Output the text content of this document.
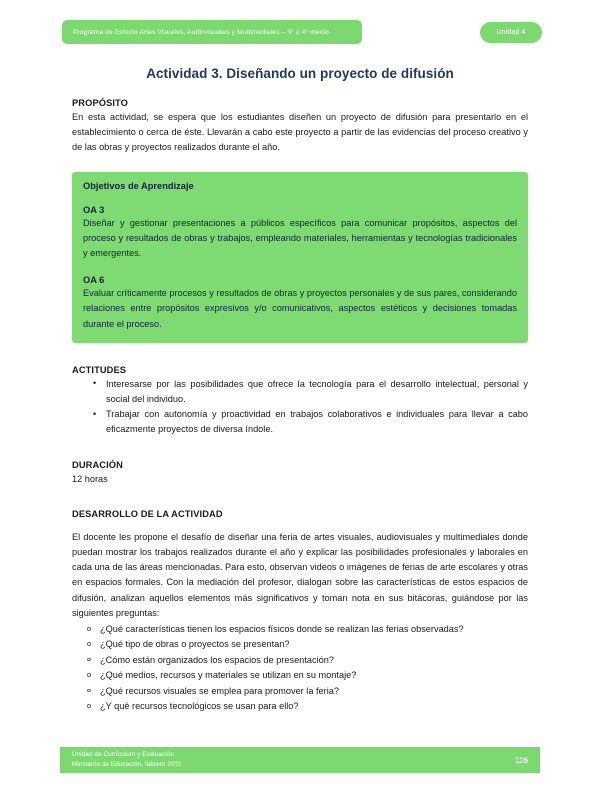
Programa de Estudio Artes Visuales, Audiovisuales y Multimediales – 3° o 4° medio	Unidad 4
Actividad 3. Diseñando un proyecto de difusión
PROPÓSITO

En esta actividad, se espera que los estudiantes diseñen un proyecto de difusión para presentarlo en el establecimiento o cerca de éste. Llevarán a cabo este proyecto a partir de las evidencias del proceso creativo y de las obras y proyectos realizados durante el año.

Objetivos de Aprendizaje
OA 3

Diseñar y gestionar presentaciones a públicos específicos para comunicar propósitos, aspectos del proceso y resultados de obras y trabajos, empleando materiales, herramientas y tecnologías tradicionales y emergentes.

OA 6

Evaluar críticamente procesos y resultados de obras y proyectos personales y de sus pares, considerando relaciones entre propósitos expresivos y/o comunicativos, aspectos estéticos y decisiones tomadas durante el proceso.

ACTITUDES
• Interesarse por las posibilidades que ofrece la tecnología para el desarrollo intelectual, personal y social del individuo.
• Trabajar con autonomía y proactividad en trabajos colaborativos e individuales para llevar a cabo eficazmente proyectos de diversa índole.
DURACIÓN

12 horas

DESARROLLO DE LA ACTIVIDAD

El docente les propone el desafío de diseñar una feria de artes visuales, audiovisuales y multimediales donde puedan mostrar los trabajos realizados durante el año y explicar las posibilidades profesionales y laborales en cada una de las áreas mencionadas. Para esto, observan videos o imágenes de ferias de arte escolares y otras en espacios formales. Con la mediación del profesor, dialogan sobre las características de estos espacios de difusión, analizan aquellos elementos más significativos y toman nota en sus bitácoras, guiándose por las siguientes preguntas:

¿Qué características tienen los espacios físicos donde se realizan las ferias observadas?
¿Qué tipo de obras o proyectos se presentan?
¿Cómo están organizados los espacios de presentación?
¿Qué medios, recursos y materiales se utilizan en su montaje?
¿Qué recursos visuales se emplea para promover la feria?
¿Y qué recursos tecnológicos se usan para ello?
Unidad de Currículum y Evaluación
Ministerio de Educación, febrero 2021	116
